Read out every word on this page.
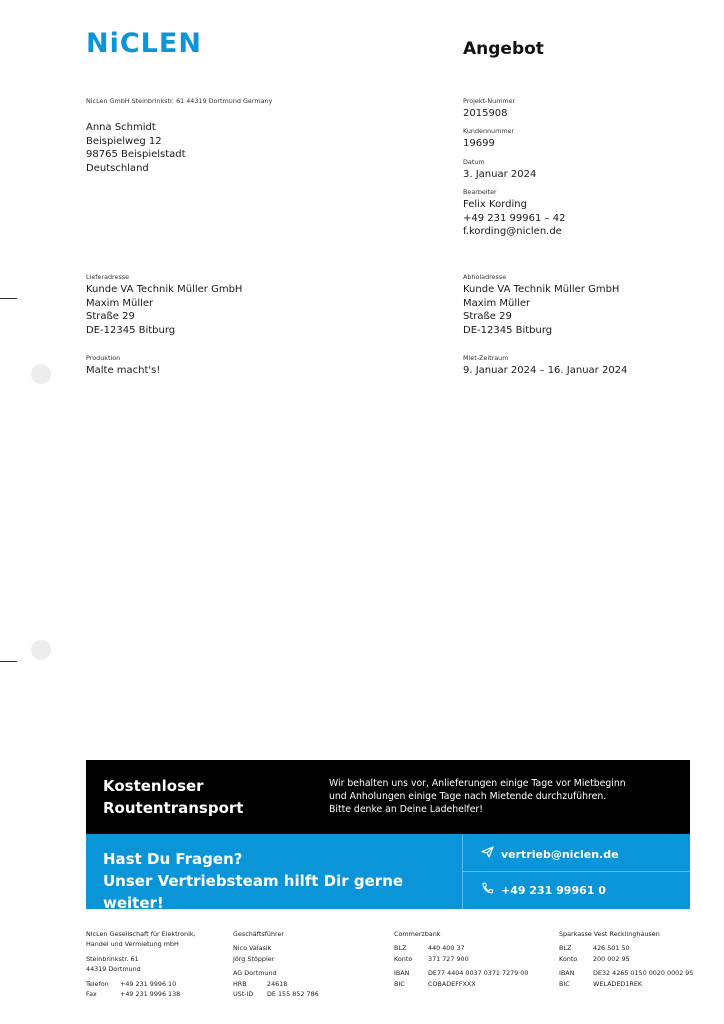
NiCLEN	Angebot
NicLen GmbH Steinbrinkstr. 61 44319 Dortmund Germany
Anna Schmidt
Beispielweg 12
98765 Beispielstadt
Deutschland
Projekt-Nummer
2015908
Kundennummer
19699
Datum
3. Januar 2024
Bearbeiter
Felix Kording
+49 231 99961 – 42
f.kording@niclen.de
Lieferadresse
Kunde VA Technik Müller GmbH
Maxim Müller
Straße 29
DE-12345 Bitburg
Abholadresse
Kunde VA Technik Müller GmbH
Maxim Müller
Straße 29
DE-12345 Bitburg
Produktion
Malte macht's!
Miet-Zeitraum
9. Januar 2024 – 16. Januar 2024
Kostenloser
Routentransport
Wir behalten uns vor, Anlieferungen einige Tage vor Mietbeginn
und Anholungen einige Tage nach Mietende durchzuführen.
Bitte denke an Deine Ladehelfer!
Hast Du Fragen?
Unser Vertriebsteam hilft Dir gerne weiter!
vertrieb@niclen.de
+49 231 99961 0
NicLen Gesellschaft für Elektronik,
Handel und Vermietung mbH
Steinbrinkstr. 61
44319 Dortmund
Telefon +49 231 9996 10
Fax	+49 231 9996 138
Geschäftsführer
Nico Valasik
Jörg Stöppler
AG Dortmund
HRB	24618
USt-ID DE 155 852 786
Commerzbank
BLZ	440 400 37
Konto 371 727 900
IBAN	DE77 4404 0037 0371 7279 00
BIC	COBADEFFXXX
Sparkasse Vest Recklinghausen
BLZ	426 501 50
Konto 200 002 95
IBAN	DE32 4265 0150 0020 0002 95
BIC	WELADED1REK
